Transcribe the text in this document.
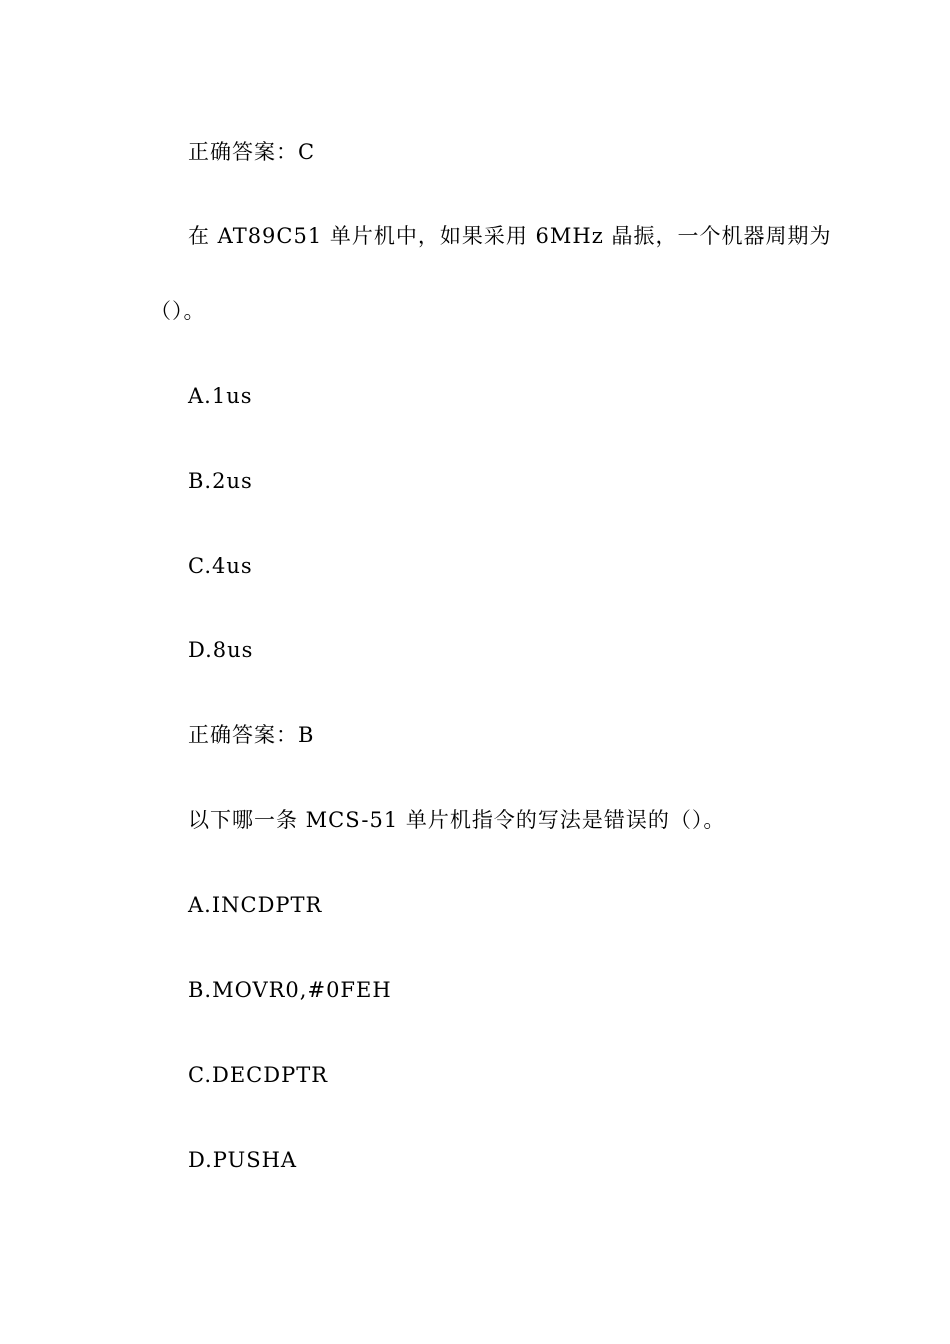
正确答案：C
在 AT89C51 单片机中，如果采用 6MHz 晶振，一个机器周期为
（）。
A.1us
B.2us
C.4us
D.8us
正确答案：B
以下哪一条 MCS-51 单片机指令的写法是错误的（）。
A.INCDPTR
B.MOVR0,#0FEH
C.DECDPTR
D.PUSHA
